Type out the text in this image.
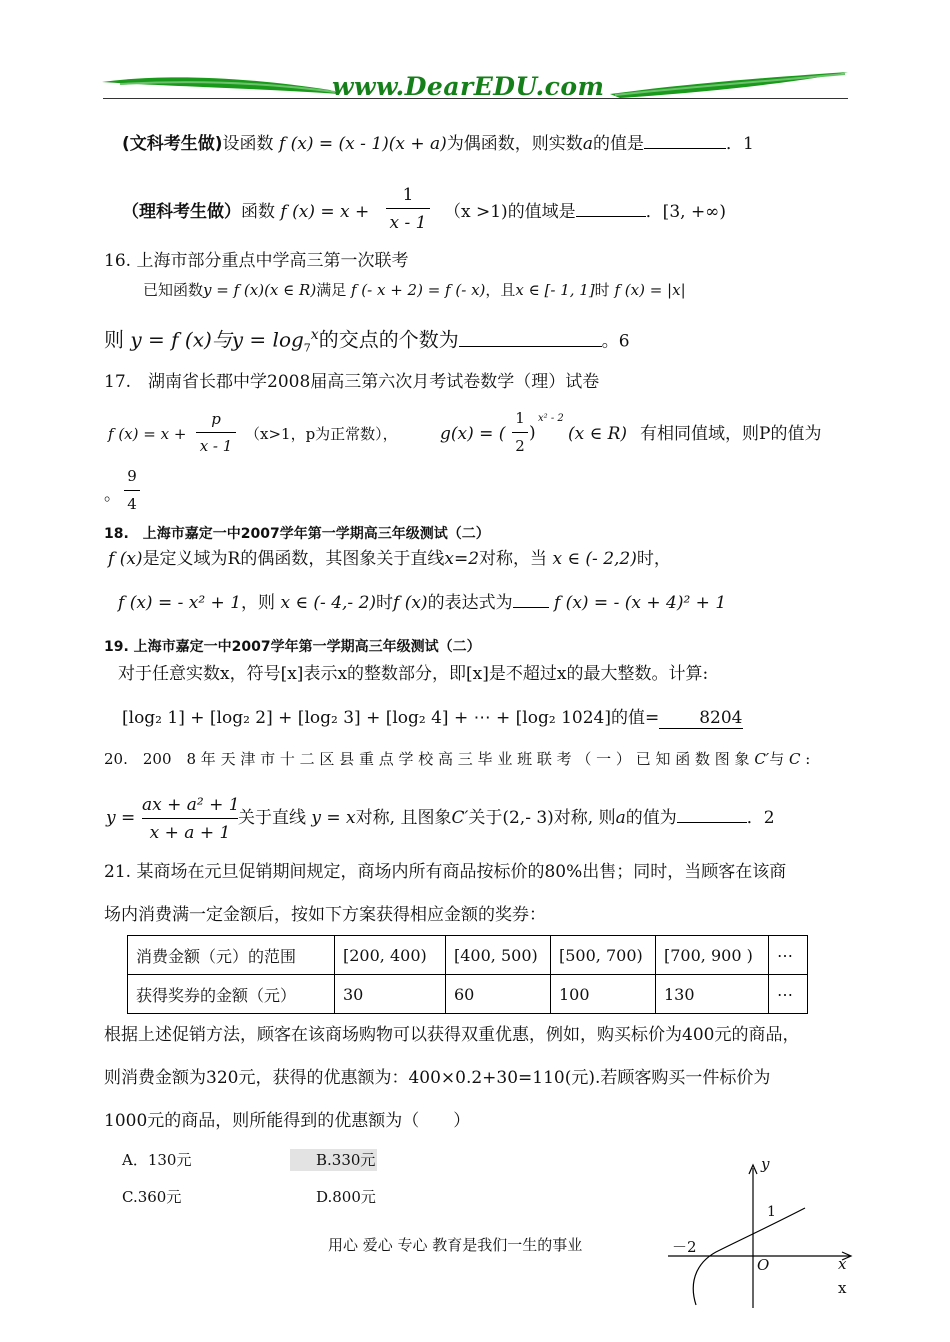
www.DearEDU.com
(文科考生做)设函数 f (x) = (x - 1)(x + a)为偶函数，则实数a的值是	．1
（理科考生做）函数 f (x) = x +
1
x - 1
（x >1)的值域是	．[3, +∞)
16. 上海市部分重点中学高三第一次联考
已知函数y = f (x)(x ∈ R)满足 f (- x + 2) = f (- x)，且x ∈ [- 1, 1]时 f (x) = |x|
则 y = f (x)与$y = \log_7^x$的交点的个数为	。6
17.　湖南省长郡中学2008届高三第六次月考试卷数学（理）试卷
f (x) = x +
p
x - 1
（x>1，p为正常数）， g(x) = (
1
2
)
x² - 2
(x ∈ R) 有相同值域，则P的值为
。
9
4
18.　上海市嘉定一中2007学年第一学期高三年级测试（二）
f (x)是定义域为R的偶函数，其图象关于直线x=2对称，当 x ∈ (- 2,2)时，
f (x) = - x² + 1，则 x ∈ (- 4,- 2)时f (x)的表达式为 f (x) = - (x + 4)² + 1
19. 上海市嘉定一中2007学年第一学期高三年级测试（二）
对于任意实数x，符号[x]表示x的整数部分，即[x]是不超过x的最大整数。计算:
[log₂ 1] + [log₂ 2] + [log₂ 3] + [log₂ 4] + ⋯ + [log₂ 1024]的值= 8204
20.　200　8 年 天 津 市 十 二 区 县 重 点 学 校 高 三 毕 业 班 联 考 （ 一 ） 已 知 函 数 图 象 C′与 C :
y =
ax + a² + 1
x + a + 1
关于直线 y = x对称, 且图象C′关于(2,- 3)对称, 则a的值为	．2
21. 某商场在元旦促销期间规定，商场内所有商品按标价的80%出售；同时，当顾客在该商
场内消费满一定金额后，按如下方案获得相应金额的奖券：
消费金额（元）的范围	[200, 400)	[400, 500)	[500, 700)	[700, 900 )	⋯
获得奖券的金额（元）	30	60	100	130	⋯
根据上述促销方法，顾客在该商场购物可以获得双重优惠，例如，购买标价为400元的商品，
则消费金额为320元，获得的优惠额为：400×0.2+30=110(元).若顾客购买一件标价为
1000元的商品，则所能得到的优惠额为（　　）
A．130元	B.330元
C.360元	D.800元
y
1
－2
O	x
x
用心 爱心 专心 教育是我们一生的事业
